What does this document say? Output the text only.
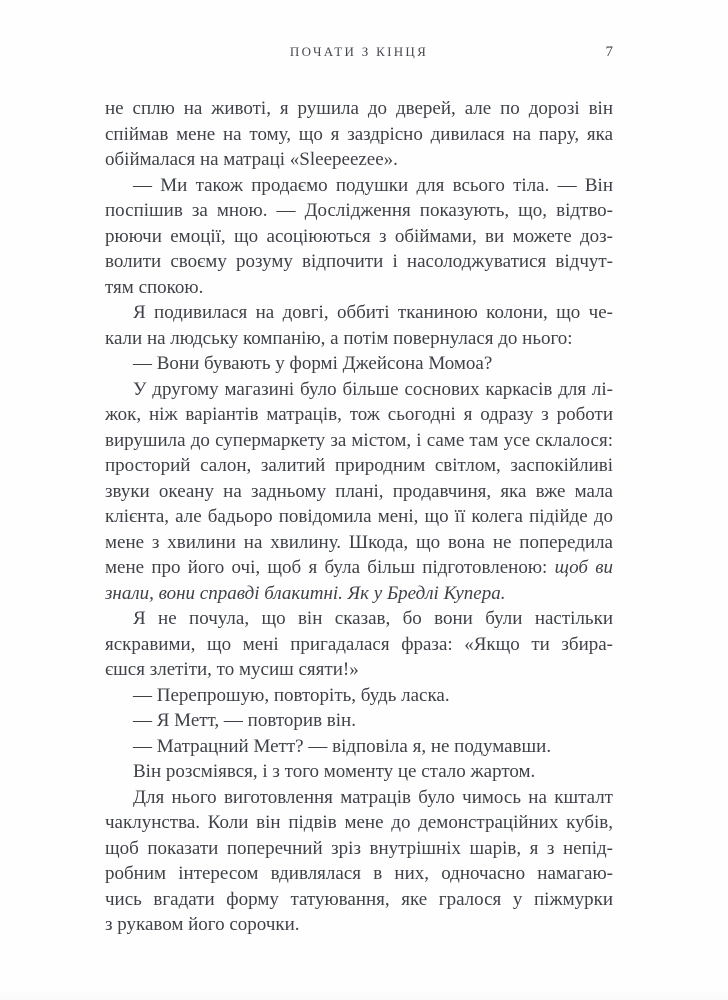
ПОЧАТИ З КІНЦЯ	7
не сплю на животі, я рушила до дверей, але по дорозі він
спіймав мене на тому, що я заздрісно дивилася на пару, яка
обіймалася на матраці «Sleepeezee».
— Ми також продаємо подушки для всього тіла. — Він
поспішив за мною. — Дослідження показують, що, відтво-
рюючи емоції, що асоціюються з обіймами, ви можете доз-
волити своєму розуму відпочити і насолоджуватися відчут-
тям спокою.
Я подивилася на довгі, оббиті тканиною колони, що че-
кали на людську компанію, а потім повернулася до нього:
— Вони бувають у формі Джейсона Момоа?
У другому магазині було більше соснових каркасів для лі-
жок, ніж варіантів матраців, тож сьогодні я одразу з роботи
вирушила до супермаркету за містом, і саме там усе склалося:
просторий салон, залитий природним світлом, заспокійливі
звуки океану на задньому плані, продавчиня, яка вже мала
клієнта, але бадьоро повідомила мені, що її колега підійде до
мене з хвилини на хвилину. Шкода, що вона не попередила
мене про його очі, щоб я була більш підготовленою: щоб ви
знали, вони справді блакитні. Як у Бредлі Купера.
Я не почула, що він сказав, бо вони були настільки
яскравими, що мені пригадалася фраза: «Якщо ти збира-
єшся злетіти, то мусиш сяяти!»
— Перепрошую, повторіть, будь ласка.
— Я Метт, — повторив він.
— Матрацний Метт? — відповіла я, не подумавши.
Він розсміявся, і з того моменту це стало жартом.
Для нього виготовлення матраців було чимось на кшталт
чаклунства. Коли він підвів мене до демонстраційних кубів,
щоб показати поперечний зріз внутрішніх шарів, я з непід-
робним інтересом вдивлялася в них, одночасно намагаю-
чись вгадати форму татуювання, яке гралося у піжмурки
з рукавом його сорочки.
